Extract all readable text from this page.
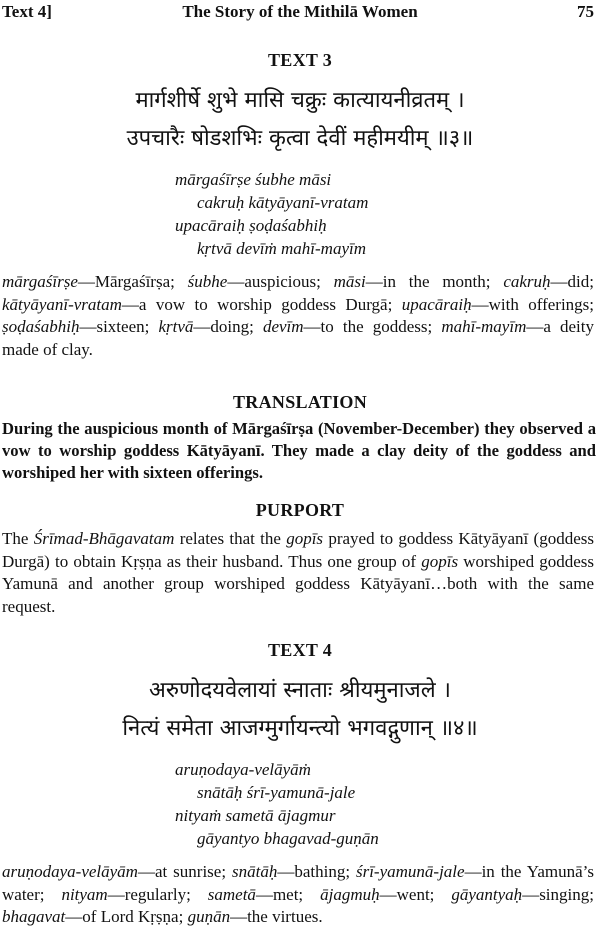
Text 4]	The Story of the Mithilā Women	75
TEXT 3
मार्गशीर्षे शुभे मासि चक्रुः कात्यायनीव्रतम् ।
उपचारैः षोडशभिः कृत्वा देवीं महीमयीम् ॥३॥
mārgaśīrṣe śubhe māsi
cakruḥ kātyāyanī-vratam
upacāraiḥ ṣoḍaśabhiḥ
kṛtvā devīṁ mahī-mayīm
mārgaśīrṣe—Mārgaśīrṣa; śubhe—auspicious; māsi—in the month; cakruḥ—did; kātyāyanī-vratam—a vow to worship goddess Durgā; upacāraiḥ—with offerings; ṣoḍaśabhiḥ—sixteen; kṛtvā—doing; devīm—to the goddess; mahī-mayīm—a deity made of clay.
TRANSLATION
During the auspicious month of Mārgaśīrṣa (November-December) they observed a vow to worship goddess Kātyāyanī. They made a clay deity of the goddess and worshiped her with sixteen offerings.
PURPORT
The Śrīmad-Bhāgavatam relates that the gopīs prayed to goddess Kātyāyanī (goddess Durgā) to obtain Kṛṣṇa as their husband. Thus one group of gopīs worshiped goddess Yamunā and another group worshiped goddess Kātyāyanī…both with the same request.
TEXT 4
अरुणोदयवेलायां स्नाताः श्रीयमुनाजले ।
नित्यं समेता आजग्मुर्गायन्त्यो भगवद्गुणान् ॥४॥
aruṇodaya-velāyāṁ
snātāḥ śrī-yamunā-jale
nityaṁ sametā ājagmur
gāyantyo bhagavad-guṇān
aruṇodaya-velāyām—at sunrise; snātāḥ—bathing; śrī-yamunā-jale—in the Yamunā’s water; nityam—regularly; sametā—met; ājagmuḥ—went; gāyantyaḥ—singing; bhagavat—of Lord Kṛṣṇa; guṇān—the virtues.
